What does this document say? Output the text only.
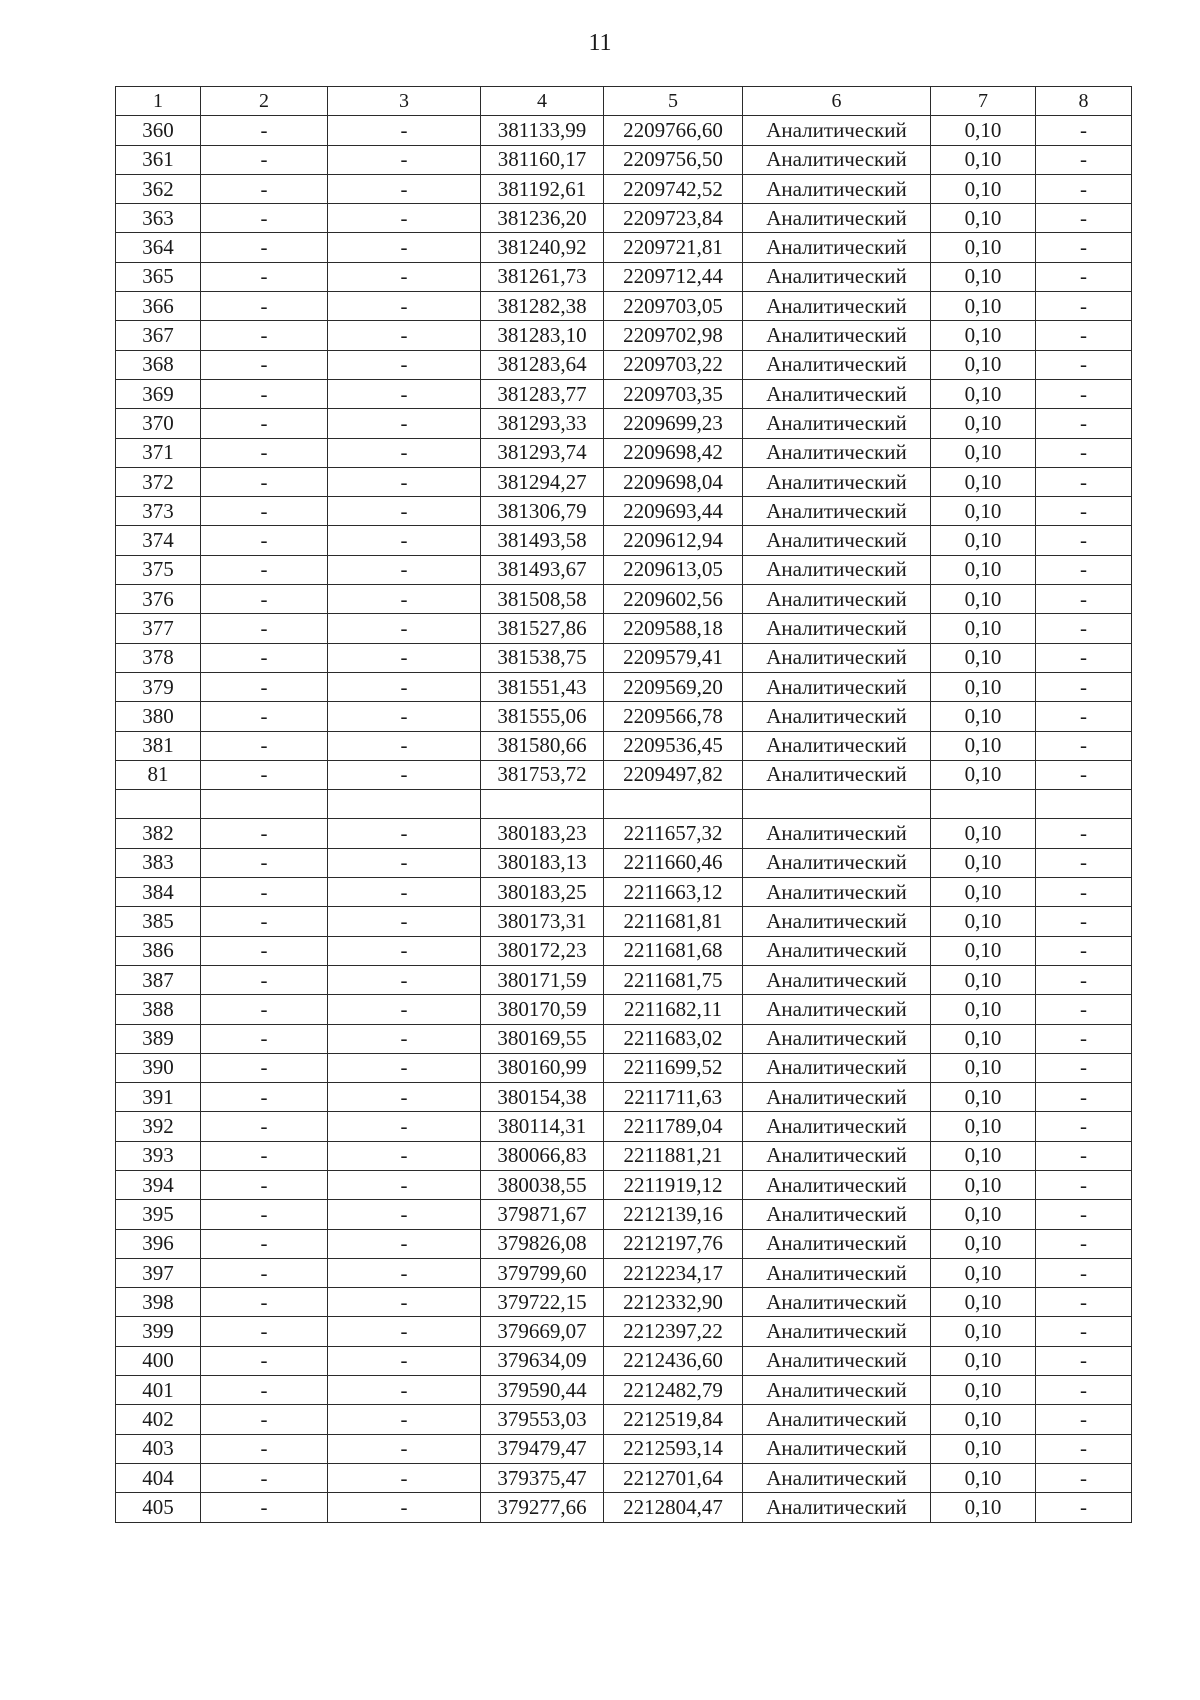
11
1	2	3	4	5	6	7	8
360	-	-	381133,99	2209766,60	Аналитический	0,10	-
361	-	-	381160,17	2209756,50	Аналитический	0,10	-
362	-	-	381192,61	2209742,52	Аналитический	0,10	-
363	-	-	381236,20	2209723,84	Аналитический	0,10	-
364	-	-	381240,92	2209721,81	Аналитический	0,10	-
365	-	-	381261,73	2209712,44	Аналитический	0,10	-
366	-	-	381282,38	2209703,05	Аналитический	0,10	-
367	-	-	381283,10	2209702,98	Аналитический	0,10	-
368	-	-	381283,64	2209703,22	Аналитический	0,10	-
369	-	-	381283,77	2209703,35	Аналитический	0,10	-
370	-	-	381293,33	2209699,23	Аналитический	0,10	-
371	-	-	381293,74	2209698,42	Аналитический	0,10	-
372	-	-	381294,27	2209698,04	Аналитический	0,10	-
373	-	-	381306,79	2209693,44	Аналитический	0,10	-
374	-	-	381493,58	2209612,94	Аналитический	0,10	-
375	-	-	381493,67	2209613,05	Аналитический	0,10	-
376	-	-	381508,58	2209602,56	Аналитический	0,10	-
377	-	-	381527,86	2209588,18	Аналитический	0,10	-
378	-	-	381538,75	2209579,41	Аналитический	0,10	-
379	-	-	381551,43	2209569,20	Аналитический	0,10	-
380	-	-	381555,06	2209566,78	Аналитический	0,10	-
381	-	-	381580,66	2209536,45	Аналитический	0,10	-
81	-	-	381753,72	2209497,82	Аналитический	0,10	-

382	-	-	380183,23	2211657,32	Аналитический	0,10	-
383	-	-	380183,13	2211660,46	Аналитический	0,10	-
384	-	-	380183,25	2211663,12	Аналитический	0,10	-
385	-	-	380173,31	2211681,81	Аналитический	0,10	-
386	-	-	380172,23	2211681,68	Аналитический	0,10	-
387	-	-	380171,59	2211681,75	Аналитический	0,10	-
388	-	-	380170,59	2211682,11	Аналитический	0,10	-
389	-	-	380169,55	2211683,02	Аналитический	0,10	-
390	-	-	380160,99	2211699,52	Аналитический	0,10	-
391	-	-	380154,38	2211711,63	Аналитический	0,10	-
392	-	-	380114,31	2211789,04	Аналитический	0,10	-
393	-	-	380066,83	2211881,21	Аналитический	0,10	-
394	-	-	380038,55	2211919,12	Аналитический	0,10	-
395	-	-	379871,67	2212139,16	Аналитический	0,10	-
396	-	-	379826,08	2212197,76	Аналитический	0,10	-
397	-	-	379799,60	2212234,17	Аналитический	0,10	-
398	-	-	379722,15	2212332,90	Аналитический	0,10	-
399	-	-	379669,07	2212397,22	Аналитический	0,10	-
400	-	-	379634,09	2212436,60	Аналитический	0,10	-
401	-	-	379590,44	2212482,79	Аналитический	0,10	-
402	-	-	379553,03	2212519,84	Аналитический	0,10	-
403	-	-	379479,47	2212593,14	Аналитический	0,10	-
404	-	-	379375,47	2212701,64	Аналитический	0,10	-
405	-	-	379277,66	2212804,47	Аналитический	0,10	-
